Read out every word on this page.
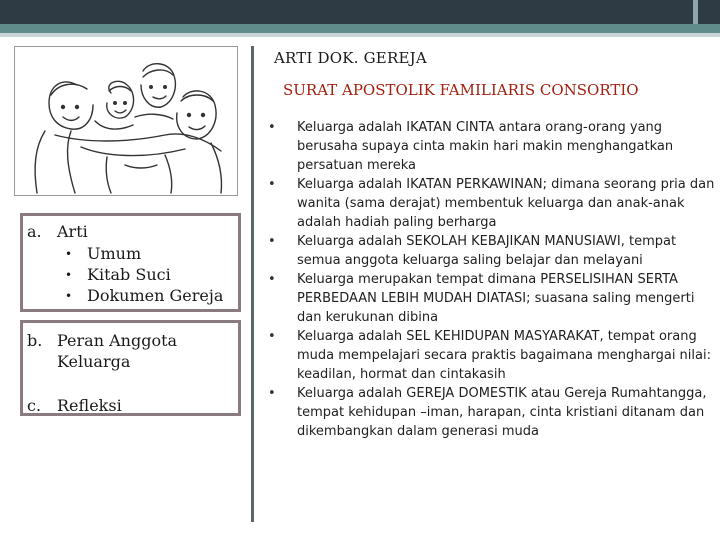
a. Arti
• Umum
• Kitab Suci
• Dokumen Gereja
b. Peran Anggota
Keluarga
c. Refleksi
ARTI DOK. GEREJA
SURAT APOSTOLIK FAMILIARIS CONSORTIO
• Keluarga adalah IKATAN CINTA antara orang-orang yang berusaha supaya cinta makin hari makin menghangatkan persatuan mereka
• Keluarga adalah IKATAN PERKAWINAN; dimana seorang pria dan wanita (sama derajat) membentuk keluarga dan anak-anak adalah hadiah paling berharga
• Keluarga adalah SEKOLAH KEBAJIKAN MANUSIAWI, tempat semua anggota keluarga saling belajar dan melayani
• Keluarga merupakan tempat dimana PERSELISIHAN SERTA PERBEDAAN LEBIH MUDAH DIATASI; suasana saling mengerti dan kerukunan dibina
• Keluarga adalah SEL KEHIDUPAN MASYARAKAT, tempat orang muda mempelajari secara praktis bagaimana menghargai nilai: keadilan, hormat dan cintakasih
• Keluarga adalah GEREJA DOMESTIK atau Gereja Rumahtangga, tempat kehidupan –iman, harapan, cinta kristiani ditanam dan dikembangkan dalam generasi muda
